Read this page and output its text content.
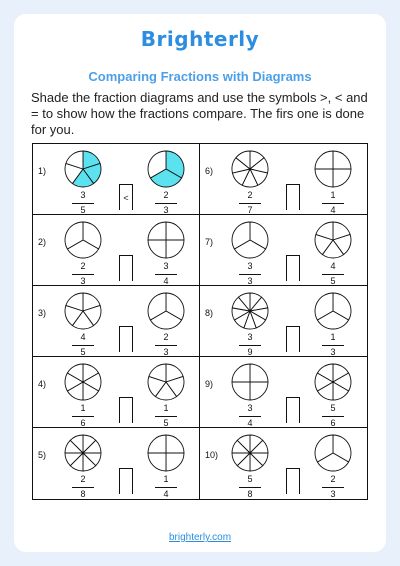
Brighterly
Comparing Fractions with Diagrams
Shade the fraction diagrams and use the symbols >, < and = to show how the fractions compare. The firs one is done for you.
1)
3
5
2
3
<
6)
2
7
1
4
2)
2
3
3
4
7)
3
3
4
5
3)
4
5
2
3
8)
3
9
1
3
4)
1
6
1
5
9)
3
4
5
6
5)
2
8
1
4
10)
5
8
2
3
brighterly.com
